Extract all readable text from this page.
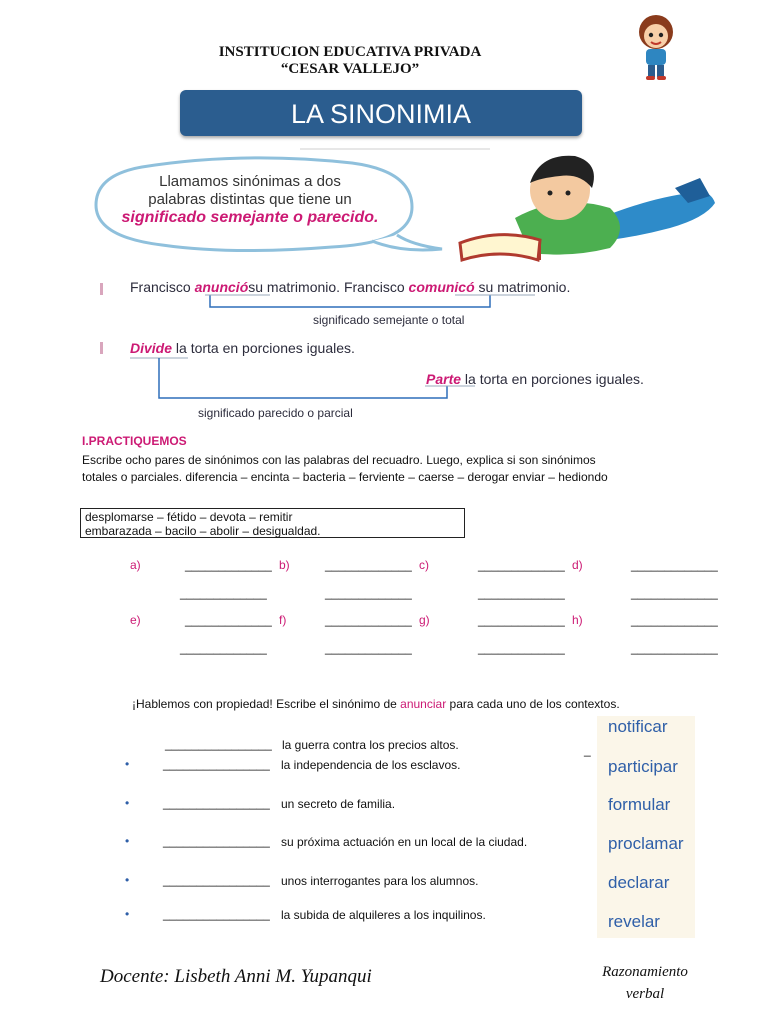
INSTITUCION EDUCATIVA PRIVADA
“CESAR VALLEJO”
LA SINONIMIA
Llamamos sinónimas a dos
palabras distintas que tiene un
significado semejante o parecido.
Francisco anunciósu matrimonio. Francisco comunicó su matrimonio.
significado semejante o total
Divide la torta en porciones iguales.
Parte la torta en porciones iguales.
significado parecido o parcial
I.PRACTIQUEMOS
Escribe ocho pares de sinónimos con las palabras del recuadro. Luego, explica si son sinónimos
totales o parciales. diferencia – encinta – bacteria – ferviente – caerse – derogar enviar – hediondo
desplomarse – fétido – devota – remitir
embarazada – bacilo – abolir – desigualdad.
a)	_____________ b)	_____________ c)	_____________ d)	_____________
_____________	_____________	_____________	_____________
e)	_____________ f)	_____________ g)	_____________ h)	_____________
_____________	_____________	_____________	_____________
¡Hablemos con propiedad! Escribe el sinónimo de anunciar para cada uno de los contextos.
________________ la guerra contra los precios altos.	_
•	________________ la independencia de los esclavos.
•	________________ un secreto de familia.
•	________________ su próxima actuación en un local de la ciudad.
•	________________ unos interrogantes para los alumnos.
•	________________ la subida de alquileres a los inquilinos.
notificar
participar
formular
proclamar
declarar
revelar
Docente: Lisbeth Anni M. Yupanqui	Razonamiento
verbal
